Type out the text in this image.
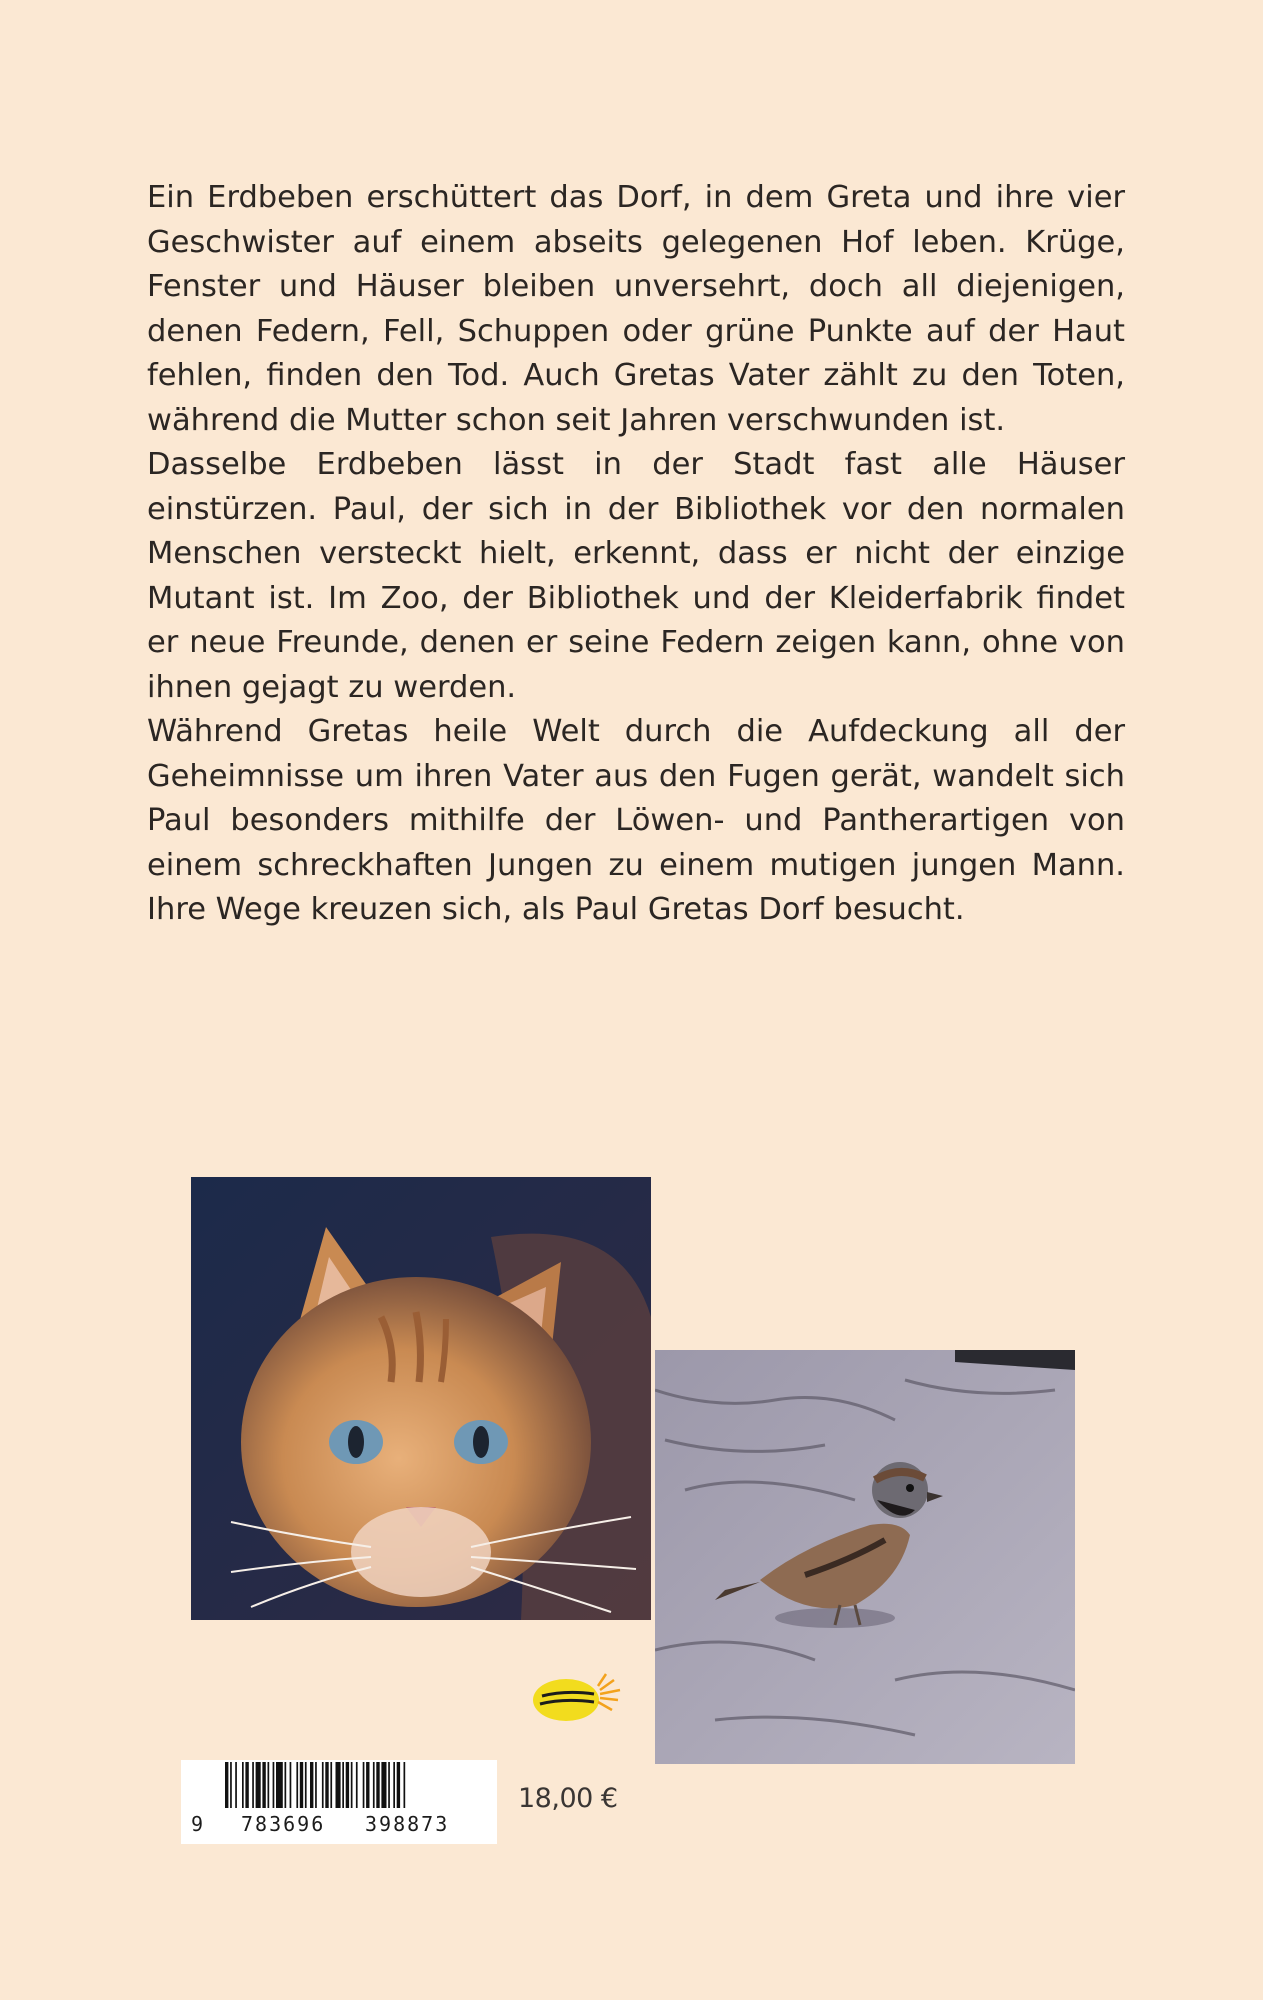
Ein Erdbeben erschüttert das Dorf, in dem Greta und ihre vier Geschwister auf einem abseits gelegenen Hof leben. Krüge, Fenster und Häuser bleiben unversehrt, doch all diejenigen, denen Federn, Fell, Schuppen oder grüne Punkte auf der Haut fehlen, finden den Tod. Auch Gretas Vater zählt zu den Toten, während die Mutter schon seit Jahren verschwunden ist.

Dasselbe Erdbeben lässt in der Stadt fast alle Häuser einstürzen. Paul, der sich in der Bibliothek vor den normalen Menschen versteckt hielt, erkennt, dass er nicht der einzige Mutant ist. Im Zoo, der Bibliothek und der Kleiderfabrik findet er neue Freunde, denen er seine Federn zeigen kann, ohne von ihnen gejagt zu werden.

Während Gretas heile Welt durch die Aufdeckung all der Geheimnisse um ihren Vater aus den Fugen gerät, wandelt sich Paul besonders mithilfe der Löwen- und Pantherartigen von einem schreckhaften Jungen zu einem mutigen jungen Mann. Ihre Wege kreuzen sich, als Paul Gretas Dorf besucht.

9 783696 398873
18,00 €
